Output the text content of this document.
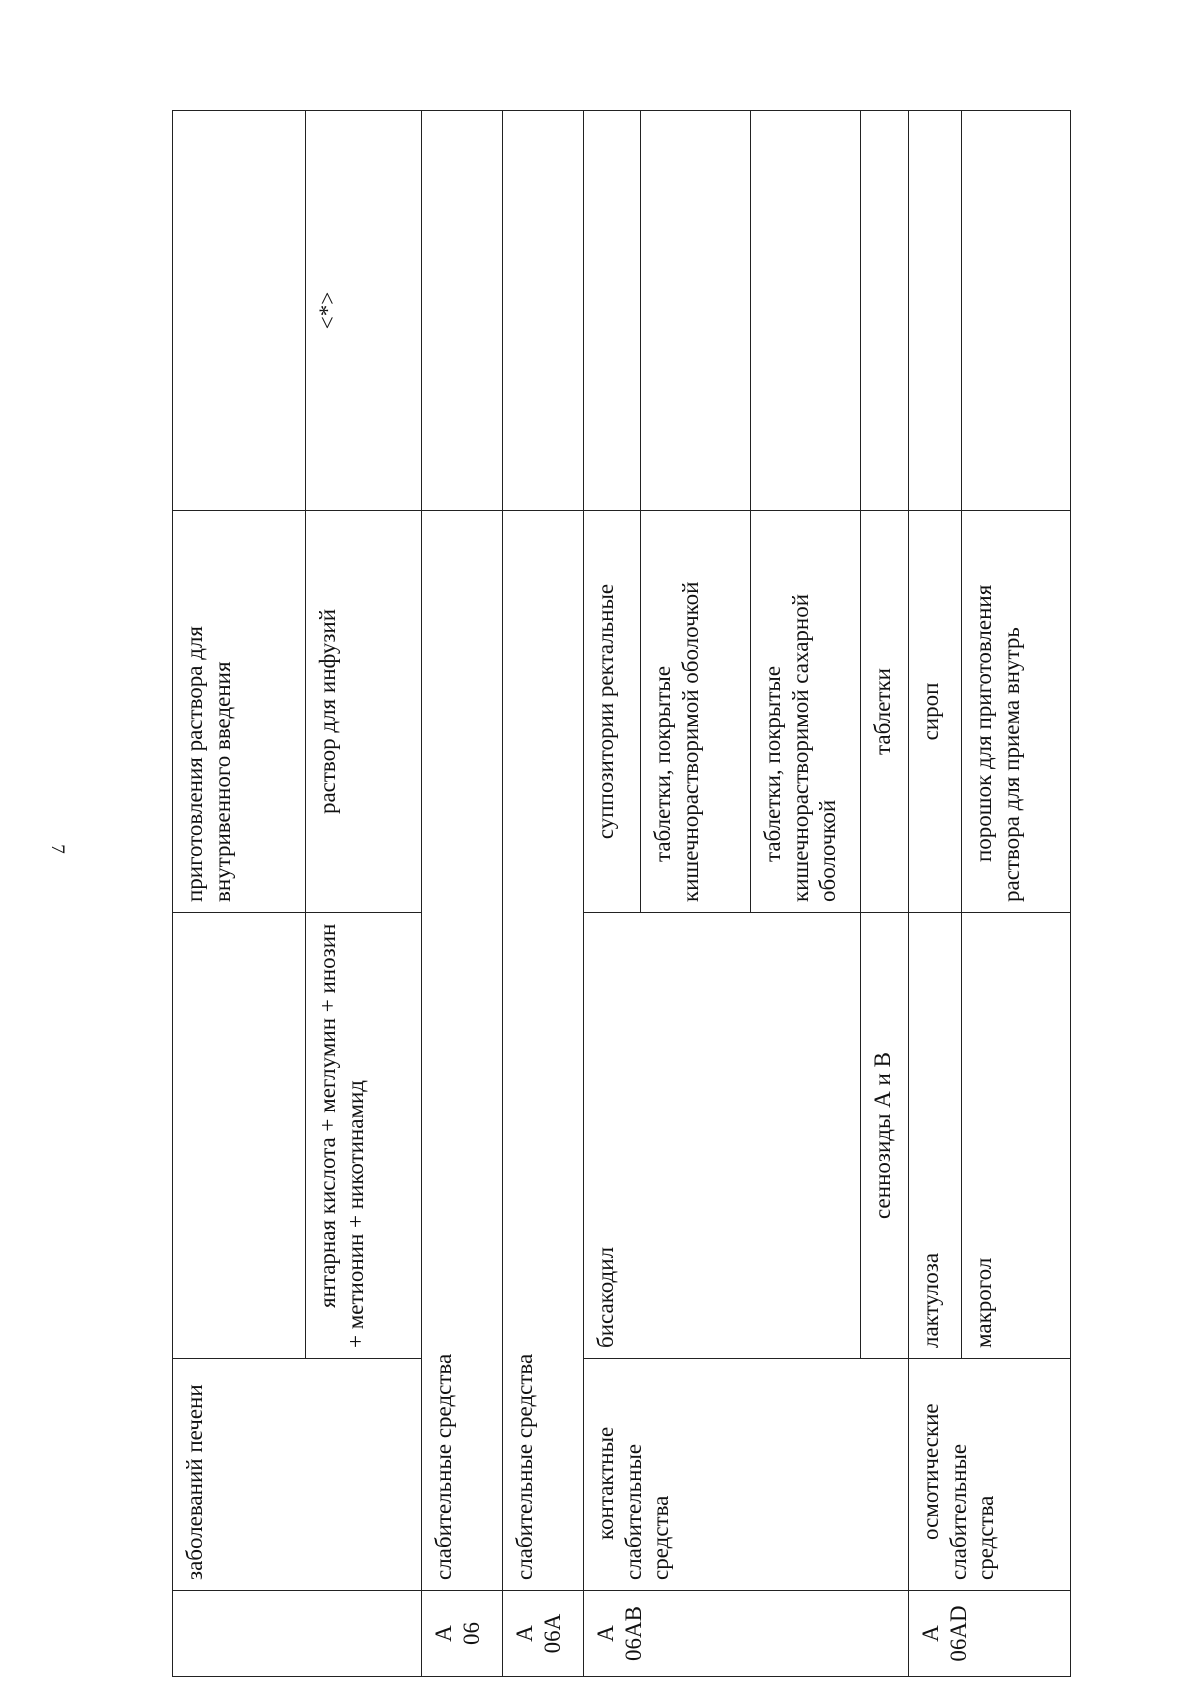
7
	заболеваний печени		приготовления раствора для внутривенного введения	
		янтарная кислота + меглумин + инозин + метионин + никотинамид	раствор для инфузий	<*>

А 06	слабительные средства			

А 06А	слабительные средства			

А 06АВ	контактные слабительные средства	бисакодил	суппозитории ректальные	
			таблетки, покрытые кишечнорастворимой оболочкой	
			таблетки, покрытые кишечнорастворимой сахарной оболочкой	
		сеннозиды А и В	таблетки	

А 06АD	осмотические слабительные средства	лактулоза	сироп	
		макрогол	порошок для приготовления раствора для приема внутрь	
